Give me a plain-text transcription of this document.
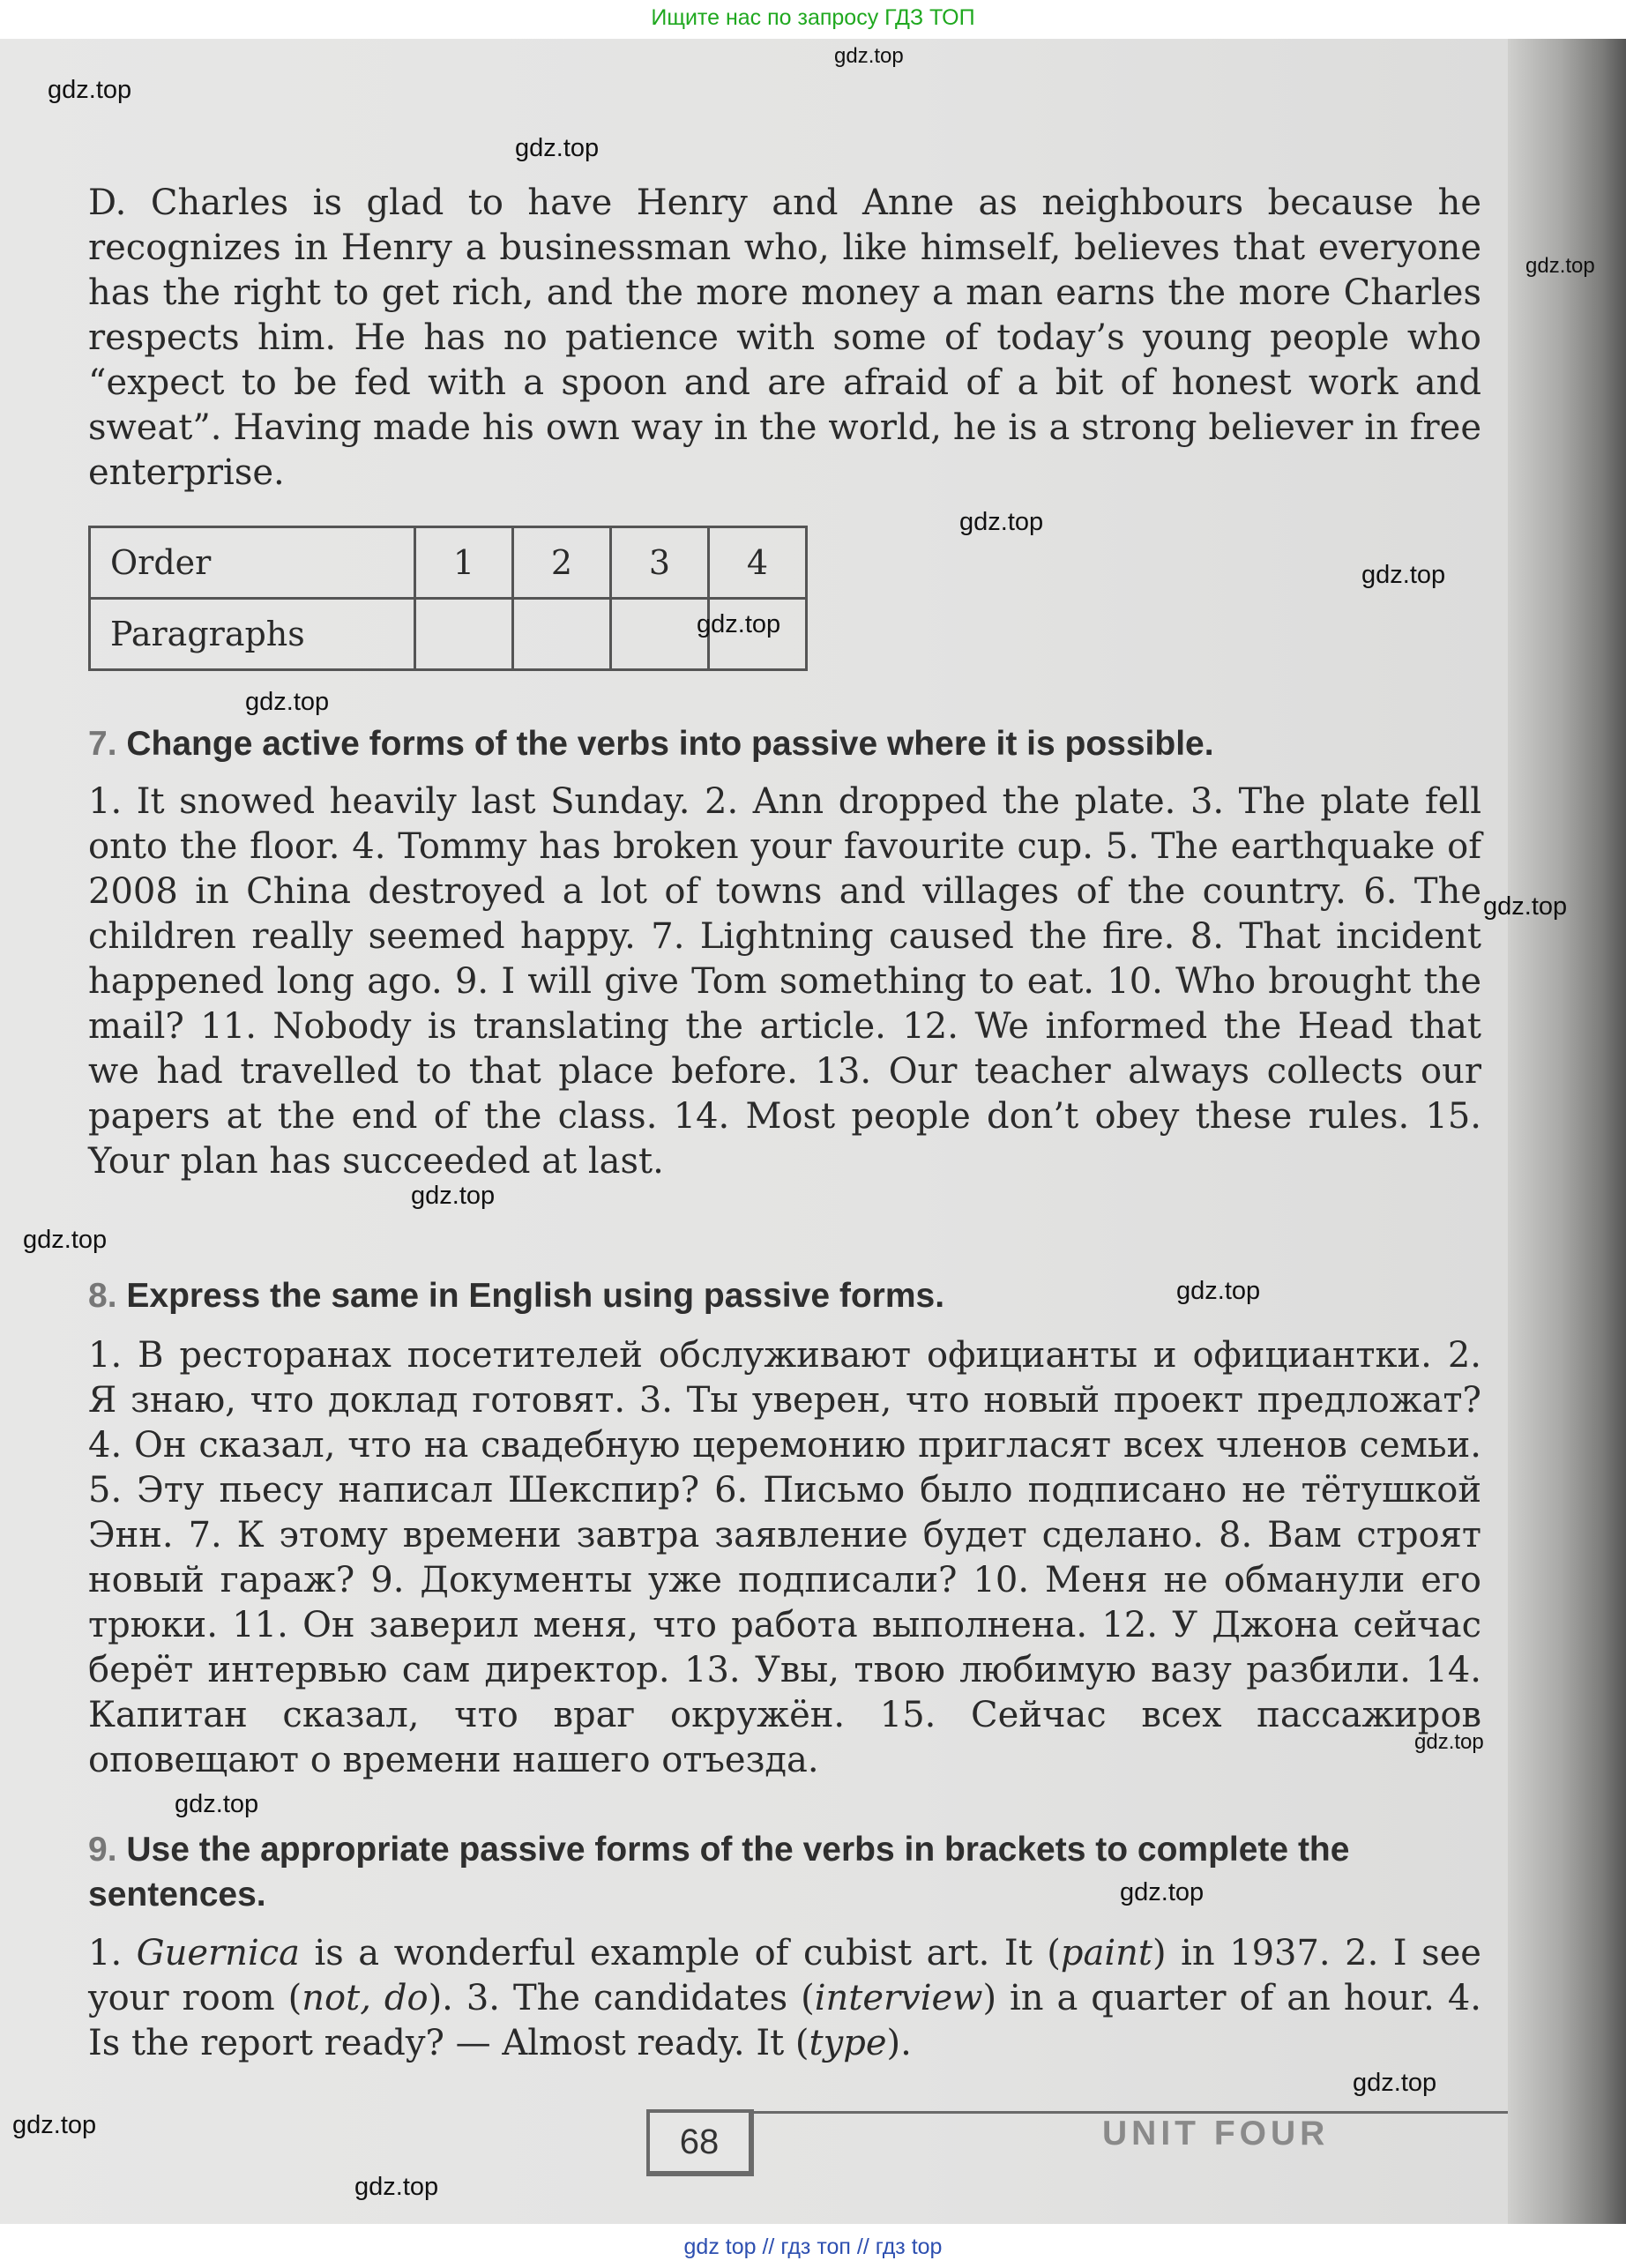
Ищите нас по запросу ГДЗ ТОП
D. Charles is glad to have Henry and Anne as neighbours because he recognizes in Henry a businessman who, like himself, believes that everyone has the right to get rich, and the more money a man earns the more Charles respects him. He has no patience with some of today’s young people who “expect to be fed with a spoon and are afraid of a bit of honest work and sweat”. Having made his own way in the world, he is a strong believer in free enterprise.
Order	1	2	3	4
Paragraphs				
7. Change active forms of the verbs into passive where it is possible.
1. It snowed heavily last Sunday. 2. Ann dropped the plate. 3. The plate fell onto the floor. 4. Tommy has broken your favourite cup. 5. The earthquake of 2008 in China destroyed a lot of towns and villages of the country. 6. The children really seemed happy. 7. Lightning caused the fire. 8. That incident happened long ago. 9. I will give Tom something to eat. 10. Who brought the mail? 11. Nobody is translating the article. 12. We informed the Head that we had travelled to that place before. 13. Our teacher always collects our papers at the end of the class. 14. Most people don’t obey these rules. 15. Your plan has succeeded at last.
8. Express the same in English using passive forms.
1. В ресторанах посетителей обслуживают официанты и официантки. 2. Я знаю, что доклад готовят. 3. Ты уверен, что новый проект предложат? 4. Он сказал, что на свадебную церемонию пригласят всех членов семьи. 5. Эту пьесу написал Шекспир? 6. Письмо было подписано не тётушкой Энн. 7. К этому времени завтра заявление будет сделано. 8. Вам строят новый гараж? 9. Документы уже подписали? 10. Меня не обманули его трюки. 11. Он заверил меня, что работа выполнена. 12. У Джона сейчас берёт интервью сам директор. 13. Увы, твою любимую вазу разбили. 14. Капитан сказал, что враг окружён. 15. Сейчас всех пассажиров оповещают о времени нашего отъезда.
9. Use the appropriate passive forms of the verbs in brackets to complete the sentences.
1. Guernica is a wonderful example of cubist art. It (paint) in 1937. 2. I see your room (not, do). 3. The candidates (interview) in a quarter of an hour. 4. Is the report ready? — Almost ready. It (type).
68	UNIT FOUR
gdz.top
gdz.top
gdz.top
gdz.top
gdz.top
gdz.top
gdz.top
gdz.top
gdz.top
gdz.top
gdz.top
gdz.top
gdz.top
gdz.top
gdz.top
gdz.top
gdz.top
gdz.top
gdz top // гдз топ // гдз top
